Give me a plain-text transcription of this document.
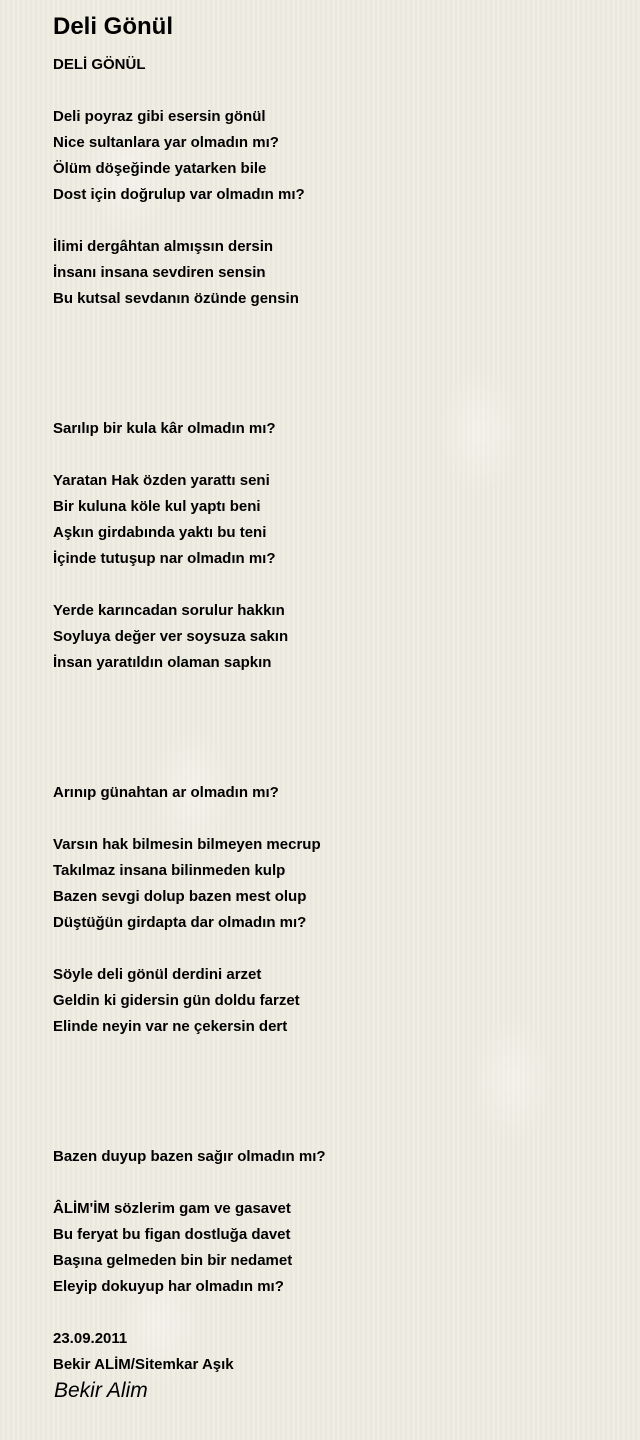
Deli Gönül
DELİ GÖNÜL
Deli poyraz gibi esersin gönül
Nice sultanlara yar olmadın mı?
Ölüm döşeğinde yatarken bile
Dost için doğrulup var olmadın mı?
İlimi dergâhtan almışsın dersin
İnsanı insana sevdiren sensin
Bu kutsal sevdanın özünde gensin
Sarılıp bir kula kâr olmadın mı?
Yaratan Hak özden yarattı seni
Bir kuluna köle kul yaptı beni
Aşkın girdabında yaktı bu teni
İçinde tutuşup nar olmadın mı?
Yerde karıncadan sorulur hakkın
Soyluya değer ver soysuza sakın
İnsan yaratıldın olaman sapkın
Arınıp günahtan ar olmadın mı?
Varsın hak bilmesin bilmeyen mecrup
Takılmaz insana bilinmeden kulp
Bazen sevgi dolup bazen mest olup
Düştüğün girdapta dar olmadın mı?
Söyle deli gönül derdini arzet
Geldin ki gidersin gün doldu farzet
Elinde neyin var ne çekersin dert
Bazen duyup bazen sağır olmadın mı?
ÂLİM'İM sözlerim gam ve gasavet
Bu feryat bu figan dostluğa davet
Başına gelmeden bin bir nedamet
Eleyip dokuyup har olmadın mı?
23.09.2011
Bekir ALİM/Sitemkar Aşık
Bekir Alim
